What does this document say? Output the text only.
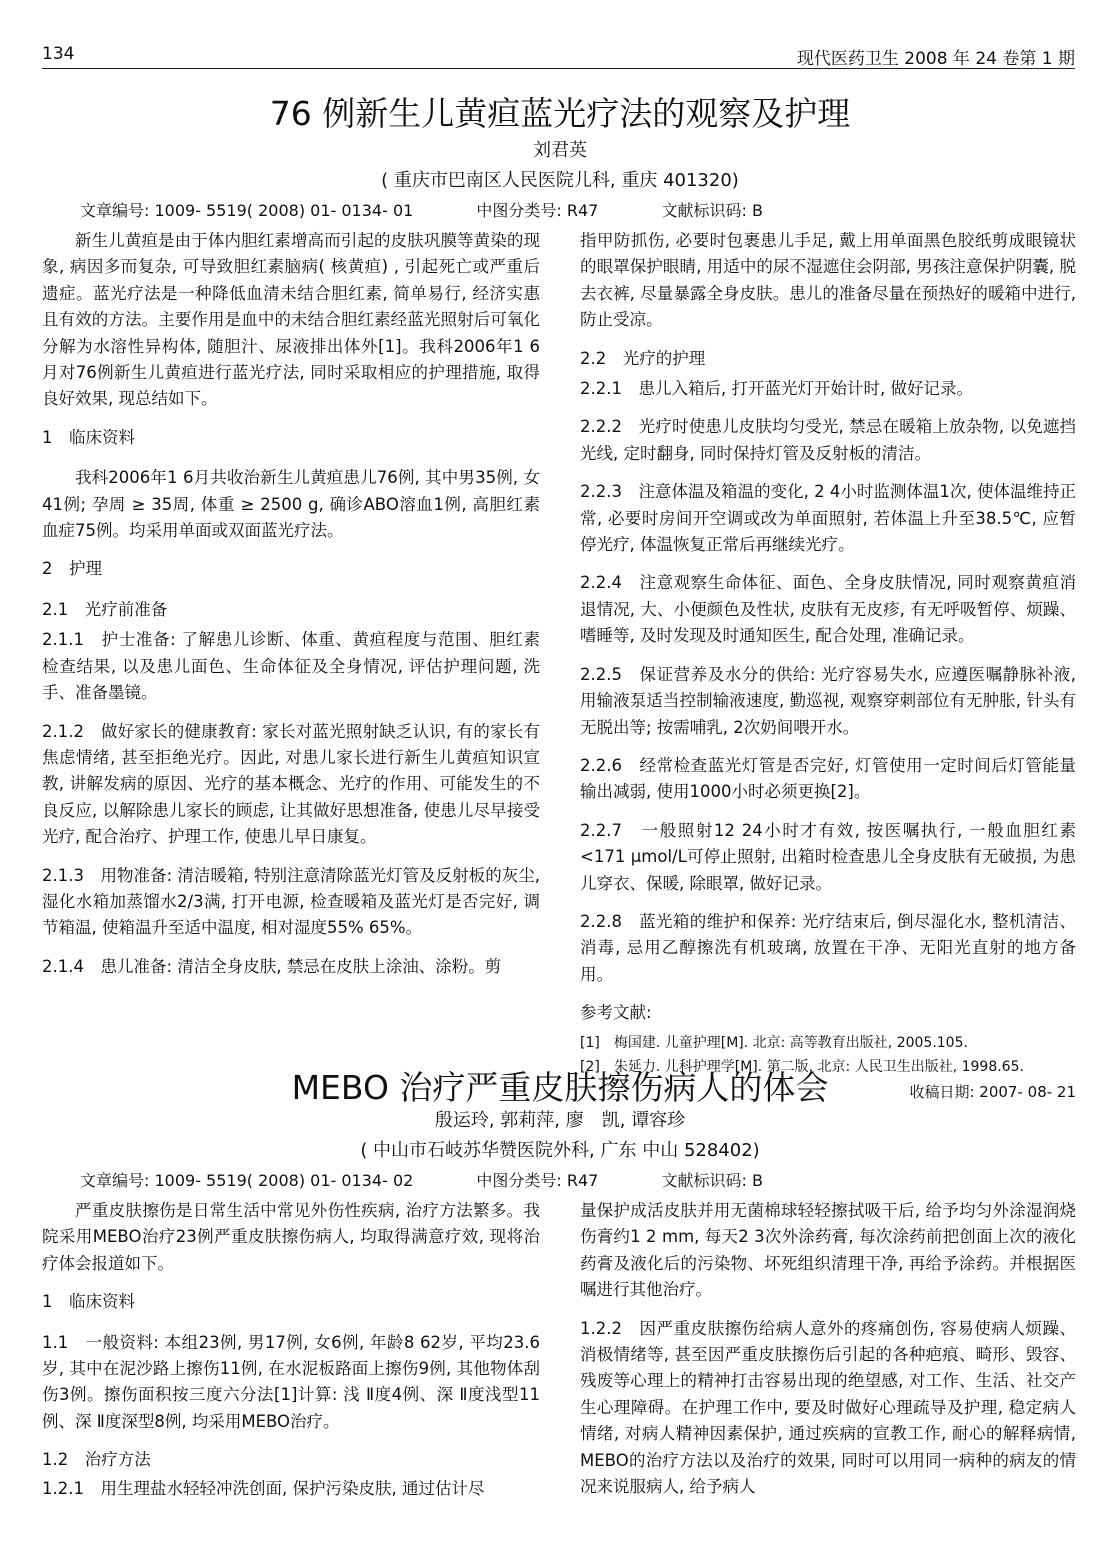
134	现代医药卫生 2008 年 24 卷第 1 期
76 例新生儿黄疸蓝光疗法的观察及护理
刘君英
( 重庆市巴南区人民医院儿科, 重庆 401320)
文章编号: 1009- 5519( 2008) 01- 0134- 01	中图分类号: R47	文献标识码: B

新生儿黄疸是由于体内胆红素增高而引起的皮肤巩膜等黄染的现象, 病因多而复杂, 可导致胆红素脑病( 核黄疸) , 引起死亡或严重后遗症。蓝光疗法是一种降低血清未结合胆红素, 简单易行, 经济实惠且有效的方法。主要作用是血中的未结合胆红素经蓝光照射后可氧化分解为水溶性异构体, 随胆汁、尿液排出体外[1]。我科2006年1 6月对76例新生儿黄疸进行蓝光疗法, 同时采取相应的护理措施, 取得良好效果, 现总结如下。

1　临床资料

我科2006年1 6月共收治新生儿黄疸患儿76例, 其中男35例, 女41例; 孕周 ≥ 35周, 体重 ≥ 2500 g, 确诊ABO溶血1例, 高胆红素血症75例。均采用单面或双面蓝光疗法。

2　护理
2.1　光疗前准备

2.1.1　护士准备: 了解患儿诊断、体重、黄疸程度与范围、胆红素检查结果, 以及患儿面色、生命体征及全身情况, 评估护理问题, 洗手、准备墨镜。

2.1.2　做好家长的健康教育: 家长对蓝光照射缺乏认识, 有的家长有焦虑情绪, 甚至拒绝光疗。因此, 对患儿家长进行新生儿黄疸知识宣教, 讲解发病的原因、光疗的基本概念、光疗的作用、可能发生的不良反应, 以解除患儿家长的顾虑, 让其做好思想准备, 使患儿尽早接受光疗, 配合治疗、护理工作, 使患儿早日康复。

2.1.3　用物准备: 清洁暖箱, 特别注意清除蓝光灯管及反射板的灰尘, 湿化水箱加蒸馏水2/3满, 打开电源, 检查暖箱及蓝光灯是否完好, 调节箱温, 使箱温升至适中温度, 相对湿度55% 65%。

2.1.4　患儿准备: 清洁全身皮肤, 禁忌在皮肤上涂油、涂粉。剪

指甲防抓伤, 必要时包裹患儿手足, 戴上用单面黑色胶纸剪成眼镜状的眼罩保护眼睛, 用适中的尿不湿遮住会阴部, 男孩注意保护阴囊, 脱去衣裤, 尽量暴露全身皮肤。患儿的准备尽量在预热好的暖箱中进行, 防止受凉。

2.2　光疗的护理

2.2.1　患儿入箱后, 打开蓝光灯开始计时, 做好记录。

2.2.2　光疗时使患儿皮肤均匀受光, 禁忌在暖箱上放杂物, 以免遮挡光线, 定时翻身, 同时保持灯管及反射板的清洁。

2.2.3　注意体温及箱温的变化, 2 4小时监测体温1次, 使体温维持正常, 必要时房间开空调或改为单面照射, 若体温上升至38.5℃, 应暂停光疗, 体温恢复正常后再继续光疗。

2.2.4　注意观察生命体征、面色、全身皮肤情况, 同时观察黄疸消退情况, 大、小便颜色及性状, 皮肤有无皮疹, 有无呼吸暂停、烦躁、嗜睡等, 及时发现及时通知医生, 配合处理, 准确记录。

2.2.5　保证营养及水分的供给: 光疗容易失水, 应遵医嘱静脉补液, 用输液泵适当控制输液速度, 勤巡视, 观察穿刺部位有无肿胀, 针头有无脱出等; 按需哺乳, 2次奶间喂开水。

2.2.6　经常检查蓝光灯管是否完好, 灯管使用一定时间后灯管能量输出减弱, 使用1000小时必须更换[2]。

2.2.7　一般照射12 24小时才有效, 按医嘱执行, 一般血胆红素<171 μmol/L可停止照射, 出箱时检查患儿全身皮肤有无破损, 为患儿穿衣、保暖, 除眼罩, 做好记录。

2.2.8　蓝光箱的维护和保养: 光疗结束后, 倒尽湿化水, 整机清洁、消毒, 忌用乙醇擦洗有机玻璃, 放置在干净、无阳光直射的地方备用。

参考文献:

[1]　梅国建. 儿童护理[M]. 北京: 高等教育出版社, 2005.105.
[2]　朱延力. 儿科护理学[M]. 第二版. 北京: 人民卫生出版社, 1998.65.
收稿日期: 2007- 08- 21
MEBO 治疗严重皮肤擦伤病人的体会
殷运玲, 郭莉萍, 廖　凯, 谭容珍
( 中山市石岐苏华赞医院外科, 广东 中山 528402)
文章编号: 1009- 5519( 2008) 01- 0134- 02	中图分类号: R47	文献标识码: B

严重皮肤擦伤是日常生活中常见外伤性疾病, 治疗方法繁多。我院采用MEBO治疗23例严重皮肤擦伤病人, 均取得满意疗效, 现将治疗体会报道如下。

1　临床资料

1.1　一般资料: 本组23例, 男17例, 女6例, 年龄8 62岁, 平均23.6岁, 其中在泥沙路上擦伤11例, 在水泥板路面上擦伤9例, 其他物体刮伤3例。擦伤面积按三度六分法[1]计算: 浅 Ⅱ度4例、深 Ⅱ度浅型11例、深 Ⅱ度深型8例, 均采用MEBO治疗。

1.2　治疗方法

1.2.1　用生理盐水轻轻冲洗创面, 保护污染皮肤, 通过估计尽

量保护成活皮肤并用无菌棉球轻轻擦拭吸干后, 给予均匀外涂湿润烧伤膏约1 2 mm, 每天2 3次外涂药膏, 每次涂药前把创面上次的液化药膏及液化后的污染物、坏死组织清理干净, 再给予涂药。并根据医嘱进行其他治疗。

1.2.2　因严重皮肤擦伤给病人意外的疼痛创伤, 容易使病人烦躁、消极情绪等, 甚至因严重皮肤擦伤后引起的各种疤痕、畸形、毁容、残废等心理上的精神打击容易出现的绝望感, 对工作、生活、社交产生心理障碍。在护理工作中, 要及时做好心理疏导及护理, 稳定病人情绪, 对病人精神因素保护, 通过疾病的宣教工作, 耐心的解释病情, MEBO的治疗方法以及治疗的效果, 同时可以用同一病种的病友的情况来说服病人, 给予病人
